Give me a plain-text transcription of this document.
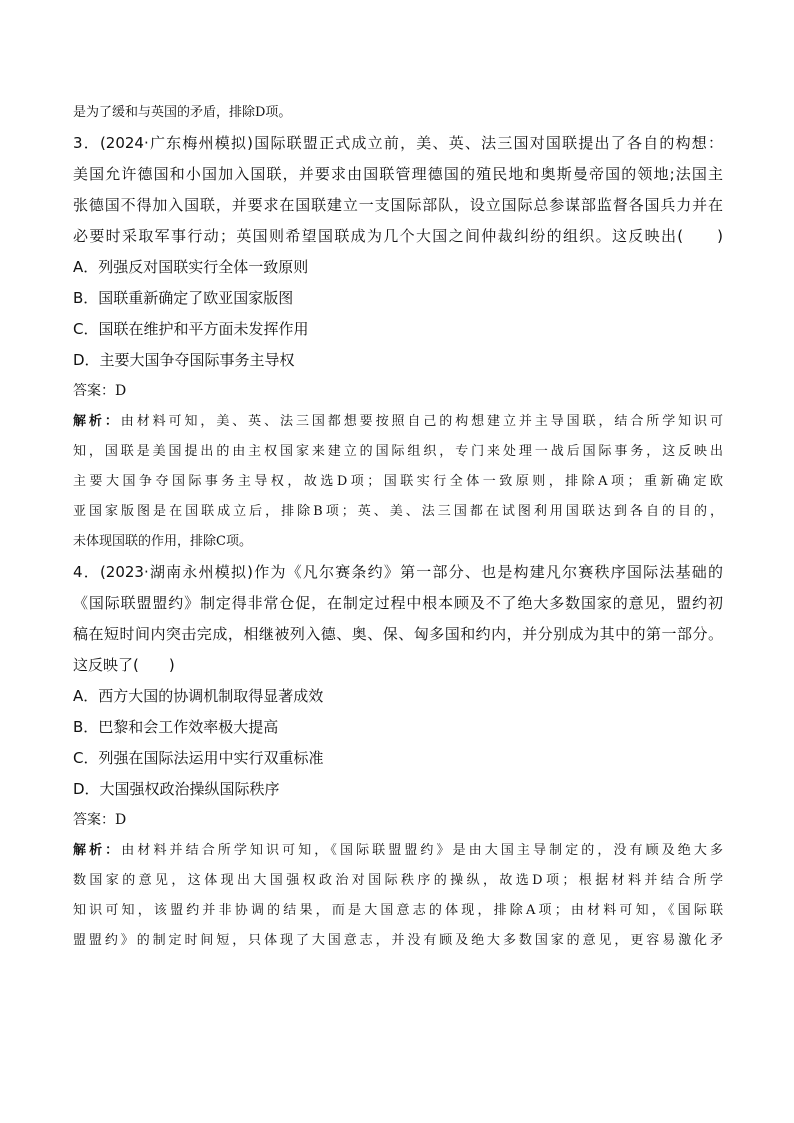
是为了缓和与英国的矛盾，排除D项。
3．(2024·广东梅州模拟)国际联盟正式成立前，美、英、法三国对国联提出了各自的构想：
美国允许德国和小国加入国联，并要求由国联管理德国的殖民地和奥斯曼帝国的领地;法国主
张德国不得加入国联，并要求在国联建立一支国际部队，设立国际总参谋部监督各国兵力并在
必要时采取军事行动；英国则希望国联成为几个大国之间仲裁纠纷的组织。这反映出(　　)
A．列强反对国联实行全体一致原则
B．国联重新确定了欧亚国家版图
C．国联在维护和平方面未发挥作用
D．主要大国争夺国际事务主导权
答案：D
解析：由材料可知，美、英、法三国都想要按照自己的构想建立并主导国联，结合所学知识可
知，国联是美国提出的由主权国家来建立的国际组织，专门来处理一战后国际事务，这反映出
主要大国争夺国际事务主导权，故选D项；国联实行全体一致原则，排除A项；重新确定欧
亚国家版图是在国联成立后，排除B项；英、美、法三国都在试图利用国联达到各自的目的，
未体现国联的作用，排除C项。
4．(2023·湖南永州模拟)作为《凡尔赛条约》第一部分、也是构建凡尔赛秩序国际法基础的
《国际联盟盟约》制定得非常仓促，在制定过程中根本顾及不了绝大多数国家的意见，盟约初
稿在短时间内突击完成，相继被列入德、奥、保、匈多国和约内，并分别成为其中的第一部分。
这反映了(　　)
A．西方大国的协调机制取得显著成效
B．巴黎和会工作效率极大提高
C．列强在国际法运用中实行双重标准
D．大国强权政治操纵国际秩序
答案：D
解析：由材料并结合所学知识可知，《国际联盟盟约》是由大国主导制定的，没有顾及绝大多
数国家的意见，这体现出大国强权政治对国际秩序的操纵，故选D项；根据材料并结合所学
知识可知，该盟约并非协调的结果，而是大国意志的体现，排除A项；由材料可知，《国际联
盟盟约》的制定时间短，只体现了大国意志，并没有顾及绝大多数国家的意见，更容易激化矛
